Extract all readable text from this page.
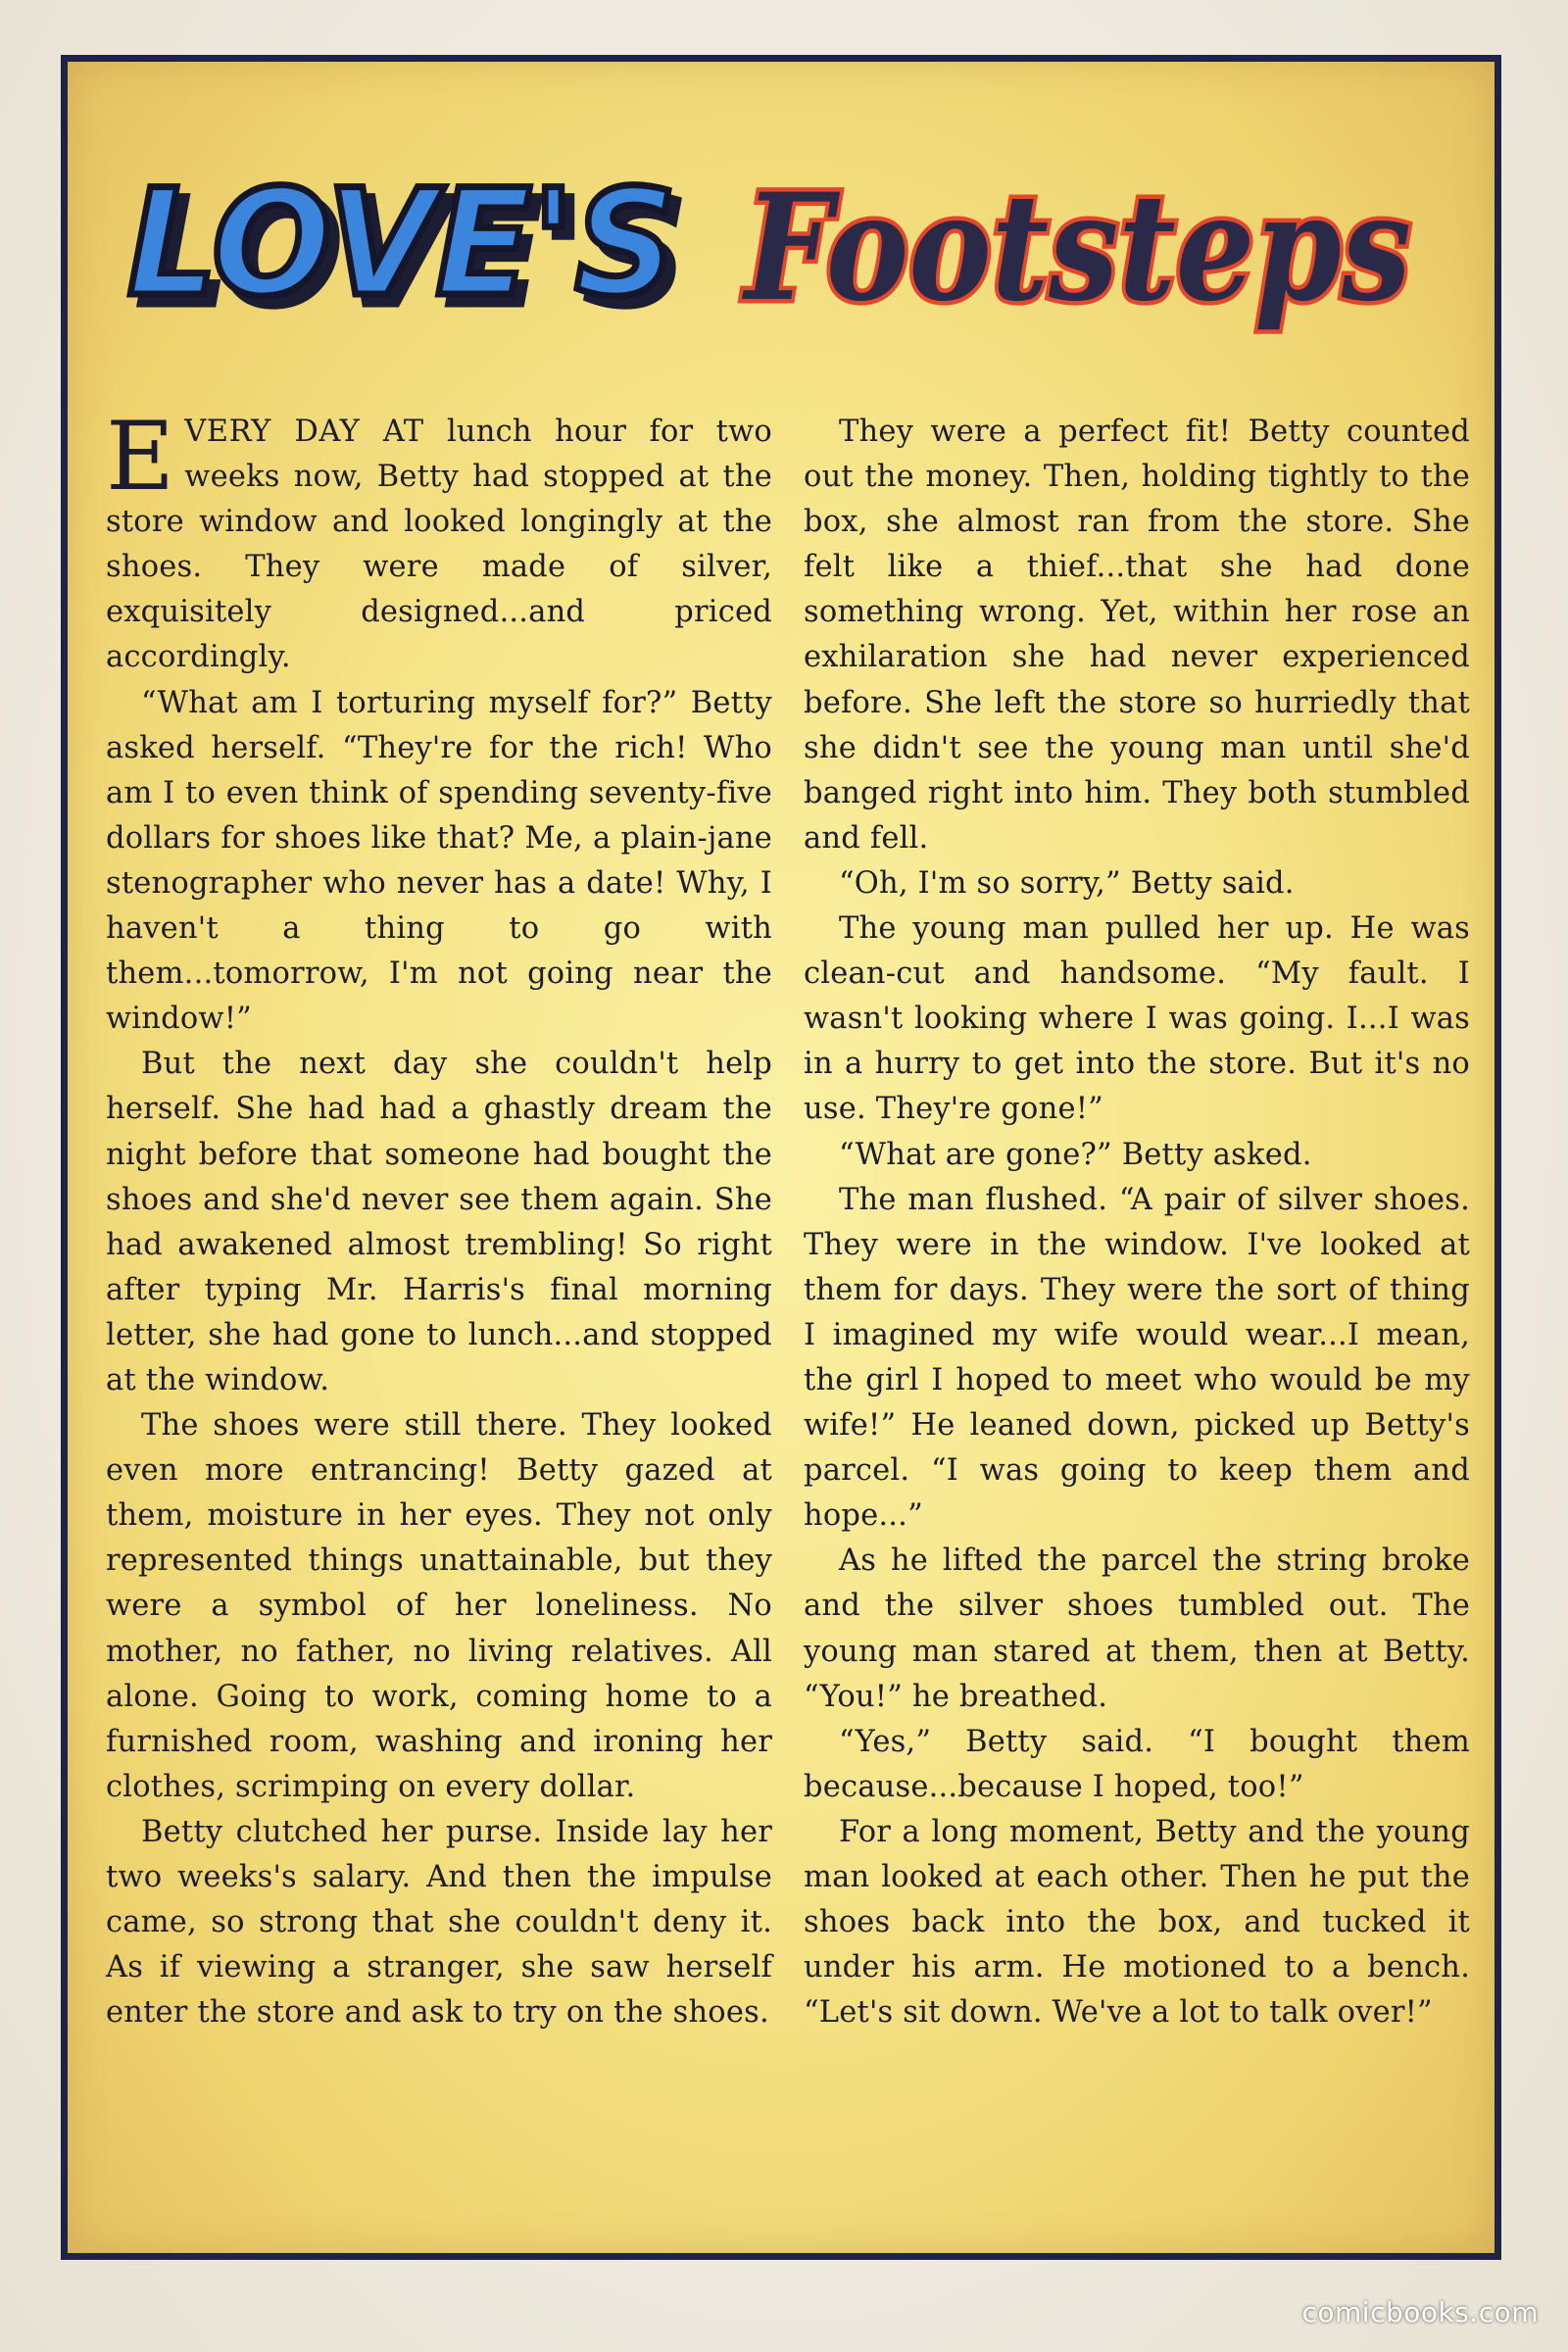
LOVE'S Footsteps

EVERY DAY AT lunch hour for two weeks now, Betty had stopped at the store window and looked longingly at the shoes. They were made of silver, exquisitely designed...and priced accordingly.

“What am I torturing myself for?” Betty asked herself. “They're for the rich! Who am I to even think of spending seventy-five dollars for shoes like that? Me, a plain-jane stenographer who never has a date! Why, I haven't a thing to go with them...tomorrow, I'm not going near the window!”

But the next day she couldn't help herself. She had had a ghastly dream the night before that someone had bought the shoes and she'd never see them again. She had awakened almost trembling! So right after typing Mr. Harris's final morning letter, she had gone to lunch...and stopped at the window.

The shoes were still there. They looked even more entrancing! Betty gazed at them, moisture in her eyes. They not only represented things unattainable, but they were a symbol of her loneliness. No mother, no father, no living relatives. All alone. Going to work, coming home to a furnished room, washing and ironing her clothes, scrimping on every dollar.

Betty clutched her purse. Inside lay her two weeks's salary. And then the impulse came, so strong that she couldn't deny it. As if viewing a stranger, she saw herself enter the store and ask to try on the shoes.

They were a perfect fit! Betty counted out the money. Then, holding tightly to the box, she almost ran from the store. She felt like a thief...that she had done something wrong. Yet, within her rose an exhilaration she had never experienced before. She left the store so hurriedly that she didn't see the young man until she'd banged right into him. They both stumbled and fell.

“Oh, I'm so sorry,” Betty said.

The young man pulled her up. He was clean-cut and handsome. “My fault. I wasn't looking where I was going. I...I was in a hurry to get into the store. But it's no use. They're gone!”

“What are gone?” Betty asked.

The man flushed. “A pair of silver shoes. They were in the window. I've looked at them for days. They were the sort of thing I imagined my wife would wear...I mean, the girl I hoped to meet who would be my wife!” He leaned down, picked up Betty's parcel. “I was going to keep them and hope...”

As he lifted the parcel the string broke and the silver shoes tumbled out. The young man stared at them, then at Betty. “You!” he breathed.

“Yes,” Betty said. “I bought them because...because I hoped, too!”

For a long moment, Betty and the young man looked at each other. Then he put the shoes back into the box, and tucked it under his arm. He motioned to a bench. “Let's sit down. We've a lot to talk over!”

comicbooks.com
